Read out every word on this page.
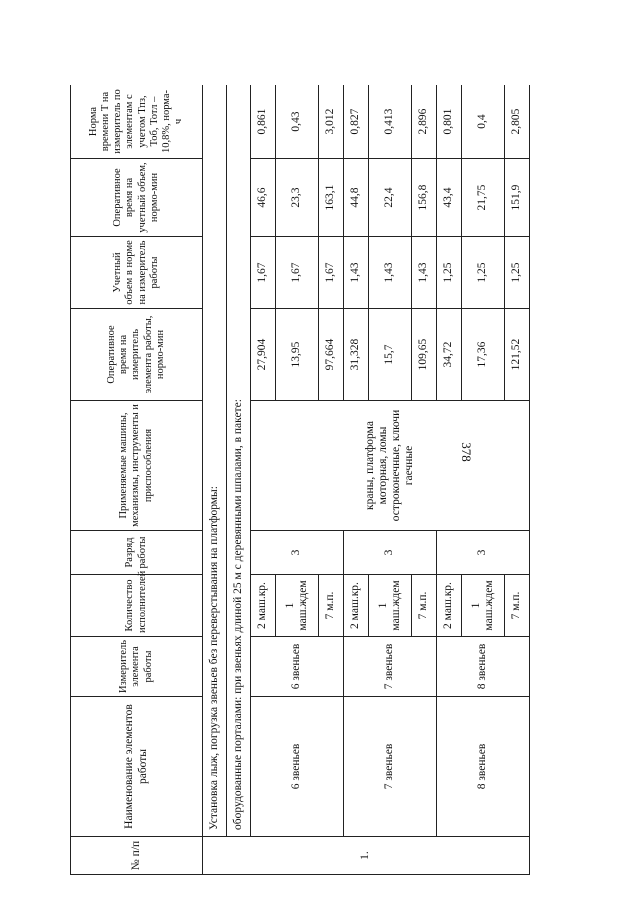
378
№ п/п	Наименование элементов работы	Измеритель элемента работы	Количество исполнителей	Разряд работы	Применяемые машины, механизмы, инструменты и приспособления	Оперативное время на измеритель элемента работы, нормо-мин	Учетный объем в норме на измеритель работы	Оперативное время на учетный объем, нормо-мин	Норма времени Т на измеритель по элементам с учетом Тпз, Тоб, Тотл – 10,8%, норма-ч
1.	Установка лыж, погрузка звеньев без переверстывания на платформы:								
	оборудованные порталами: при звеньях длиной 25 м с деревянными шпалами, в пакете:								
	6 звеньев	6 звеньев	2 маш.кр.	3	краны, платформа моторная, ломы остроконечные, ключи гаечные	27,904	1,67	46,6	0,861
			1 маш.ждем			13,95	1,67	23,3	0,43
			7 м.п.			97,664	1,67	163,1	3,012
	7 звеньев	7 звеньев	2 маш.кр.	3		31,328	1,43	44,8	0,827
			1 маш.ждем			15,7	1,43	22,4	0,413
			7 м.п.			109,65	1,43	156,8	2,896
	8 звеньев	8 звеньев	2 маш.кр.	3		34,72	1,25	43,4	0,801
			1 маш.ждем			17,36	1,25	21,75	0,4
			7 м.п.			121,52	1,25	151,9	2,805
